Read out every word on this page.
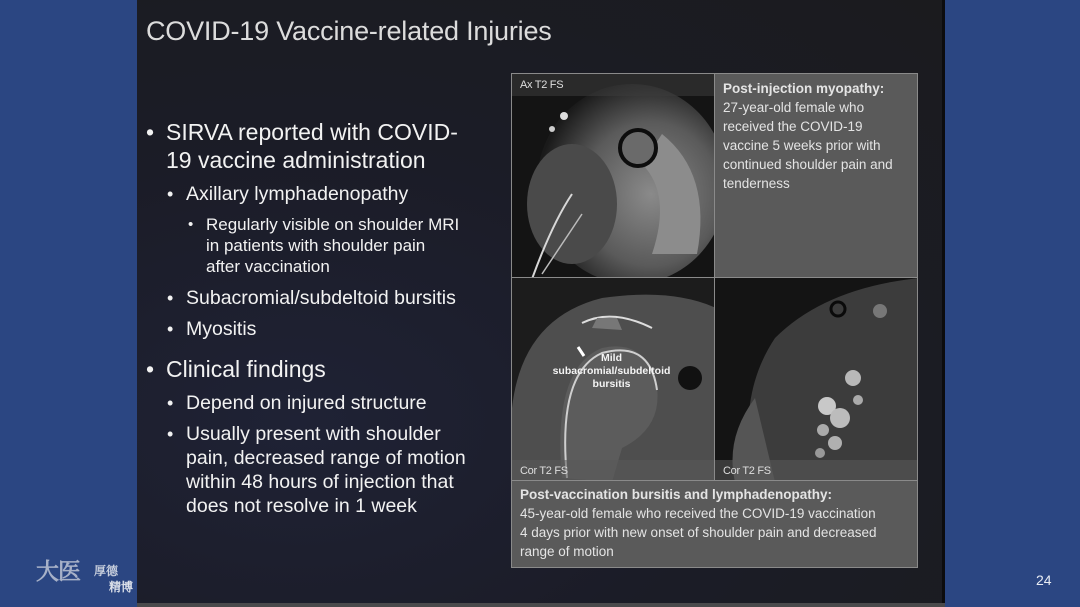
COVID-19 Vaccine-related Injuries
• SIRVA reported with COVID-
19 vaccine administration
• Axillary lymphadenopathy
• Regularly visible on shoulder MRI
in patients with shoulder pain
after vaccination
• Subacromial/subdeltoid bursitis
• Myositis
• Clinical findings
• Depend on injured structure
• Usually present with shoulder
pain, decreased range of motion
within 48 hours of injection that
does not resolve in 1 week
Ax T2 FS	Post-injection myopathy:
27-year-old female who
received the COVID-19
vaccine 5 weeks prior with
continued shoulder pain and
tenderness
Mild
subacromial/subdeltoid
bursitis
Cor T2 FS	Cor T2 FS
Post-vaccination bursitis and lymphadenopathy:
45-year-old female who received the COVID-19 vaccination
4 days prior with new onset of shoulder pain and decreased
range of motion
大医 厚德
精博	24
